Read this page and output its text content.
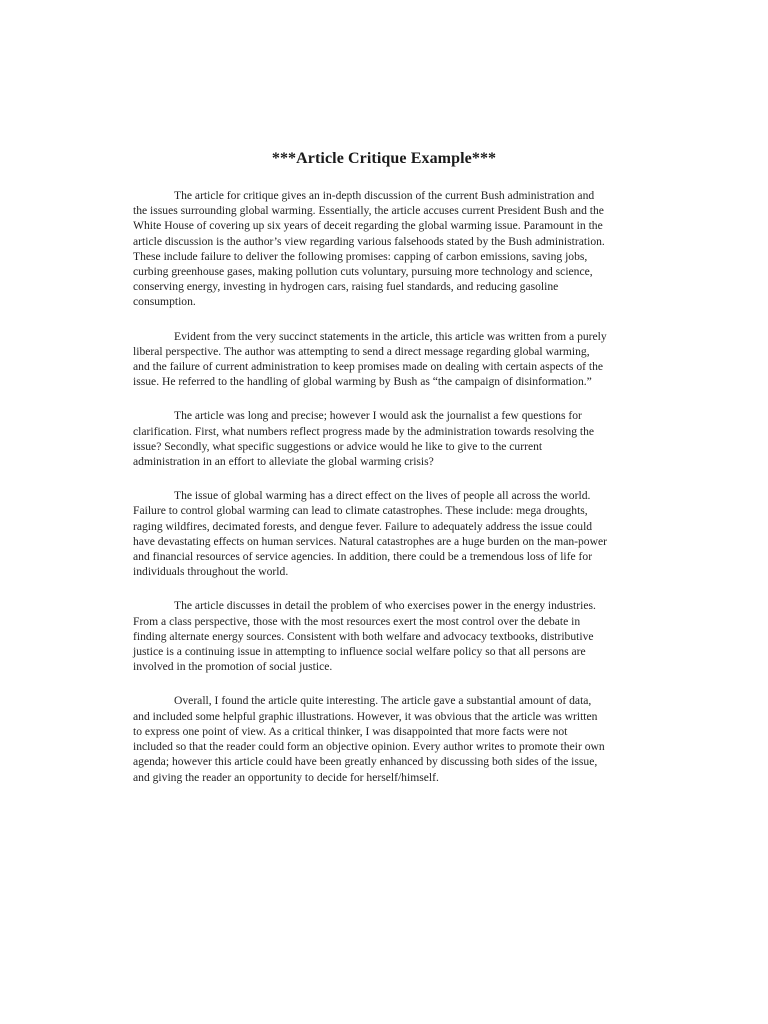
***Article Critique Example***

The article for critique gives an in-depth discussion of the current Bush administration and the issues surrounding global warming. Essentially, the article accuses current President Bush and the White House of covering up six years of deceit regarding the global warming issue. Paramount in the article discussion is the author’s view regarding various falsehoods stated by the Bush administration. These include failure to deliver the following promises: capping of carbon emissions, saving jobs, curbing greenhouse gases, making pollution cuts voluntary, pursuing more technology and science, conserving energy, investing in hydrogen cars, raising fuel standards, and reducing gasoline consumption.

Evident from the very succinct statements in the article, this article was written from a purely liberal perspective. The author was attempting to send a direct message regarding global warming, and the failure of current administration to keep promises made on dealing with certain aspects of the issue. He referred to the handling of global warming by Bush as “the campaign of disinformation.”

The article was long and precise; however I would ask the journalist a few questions for clarification. First, what numbers reflect progress made by the administration towards resolving the issue? Secondly, what specific suggestions or advice would he like to give to the current administration in an effort to alleviate the global warming crisis?

The issue of global warming has a direct effect on the lives of people all across the world. Failure to control global warming can lead to climate catastrophes. These include: mega droughts, raging wildfires, decimated forests, and dengue fever. Failure to adequately address the issue could have devastating effects on human services. Natural catastrophes are a huge burden on the man-power and financial resources of service agencies. In addition, there could be a tremendous loss of life for individuals throughout the world.

The article discusses in detail the problem of who exercises power in the energy industries. From a class perspective, those with the most resources exert the most control over the debate in finding alternate energy sources. Consistent with both welfare and advocacy textbooks, distributive justice is a continuing issue in attempting to influence social welfare policy so that all persons are involved in the promotion of social justice.

Overall, I found the article quite interesting. The article gave a substantial amount of data, and included some helpful graphic illustrations. However, it was obvious that the article was written to express one point of view. As a critical thinker, I was disappointed that more facts were not included so that the reader could form an objective opinion. Every author writes to promote their own agenda; however this article could have been greatly enhanced by discussing both sides of the issue, and giving the reader an opportunity to decide for herself/himself.
